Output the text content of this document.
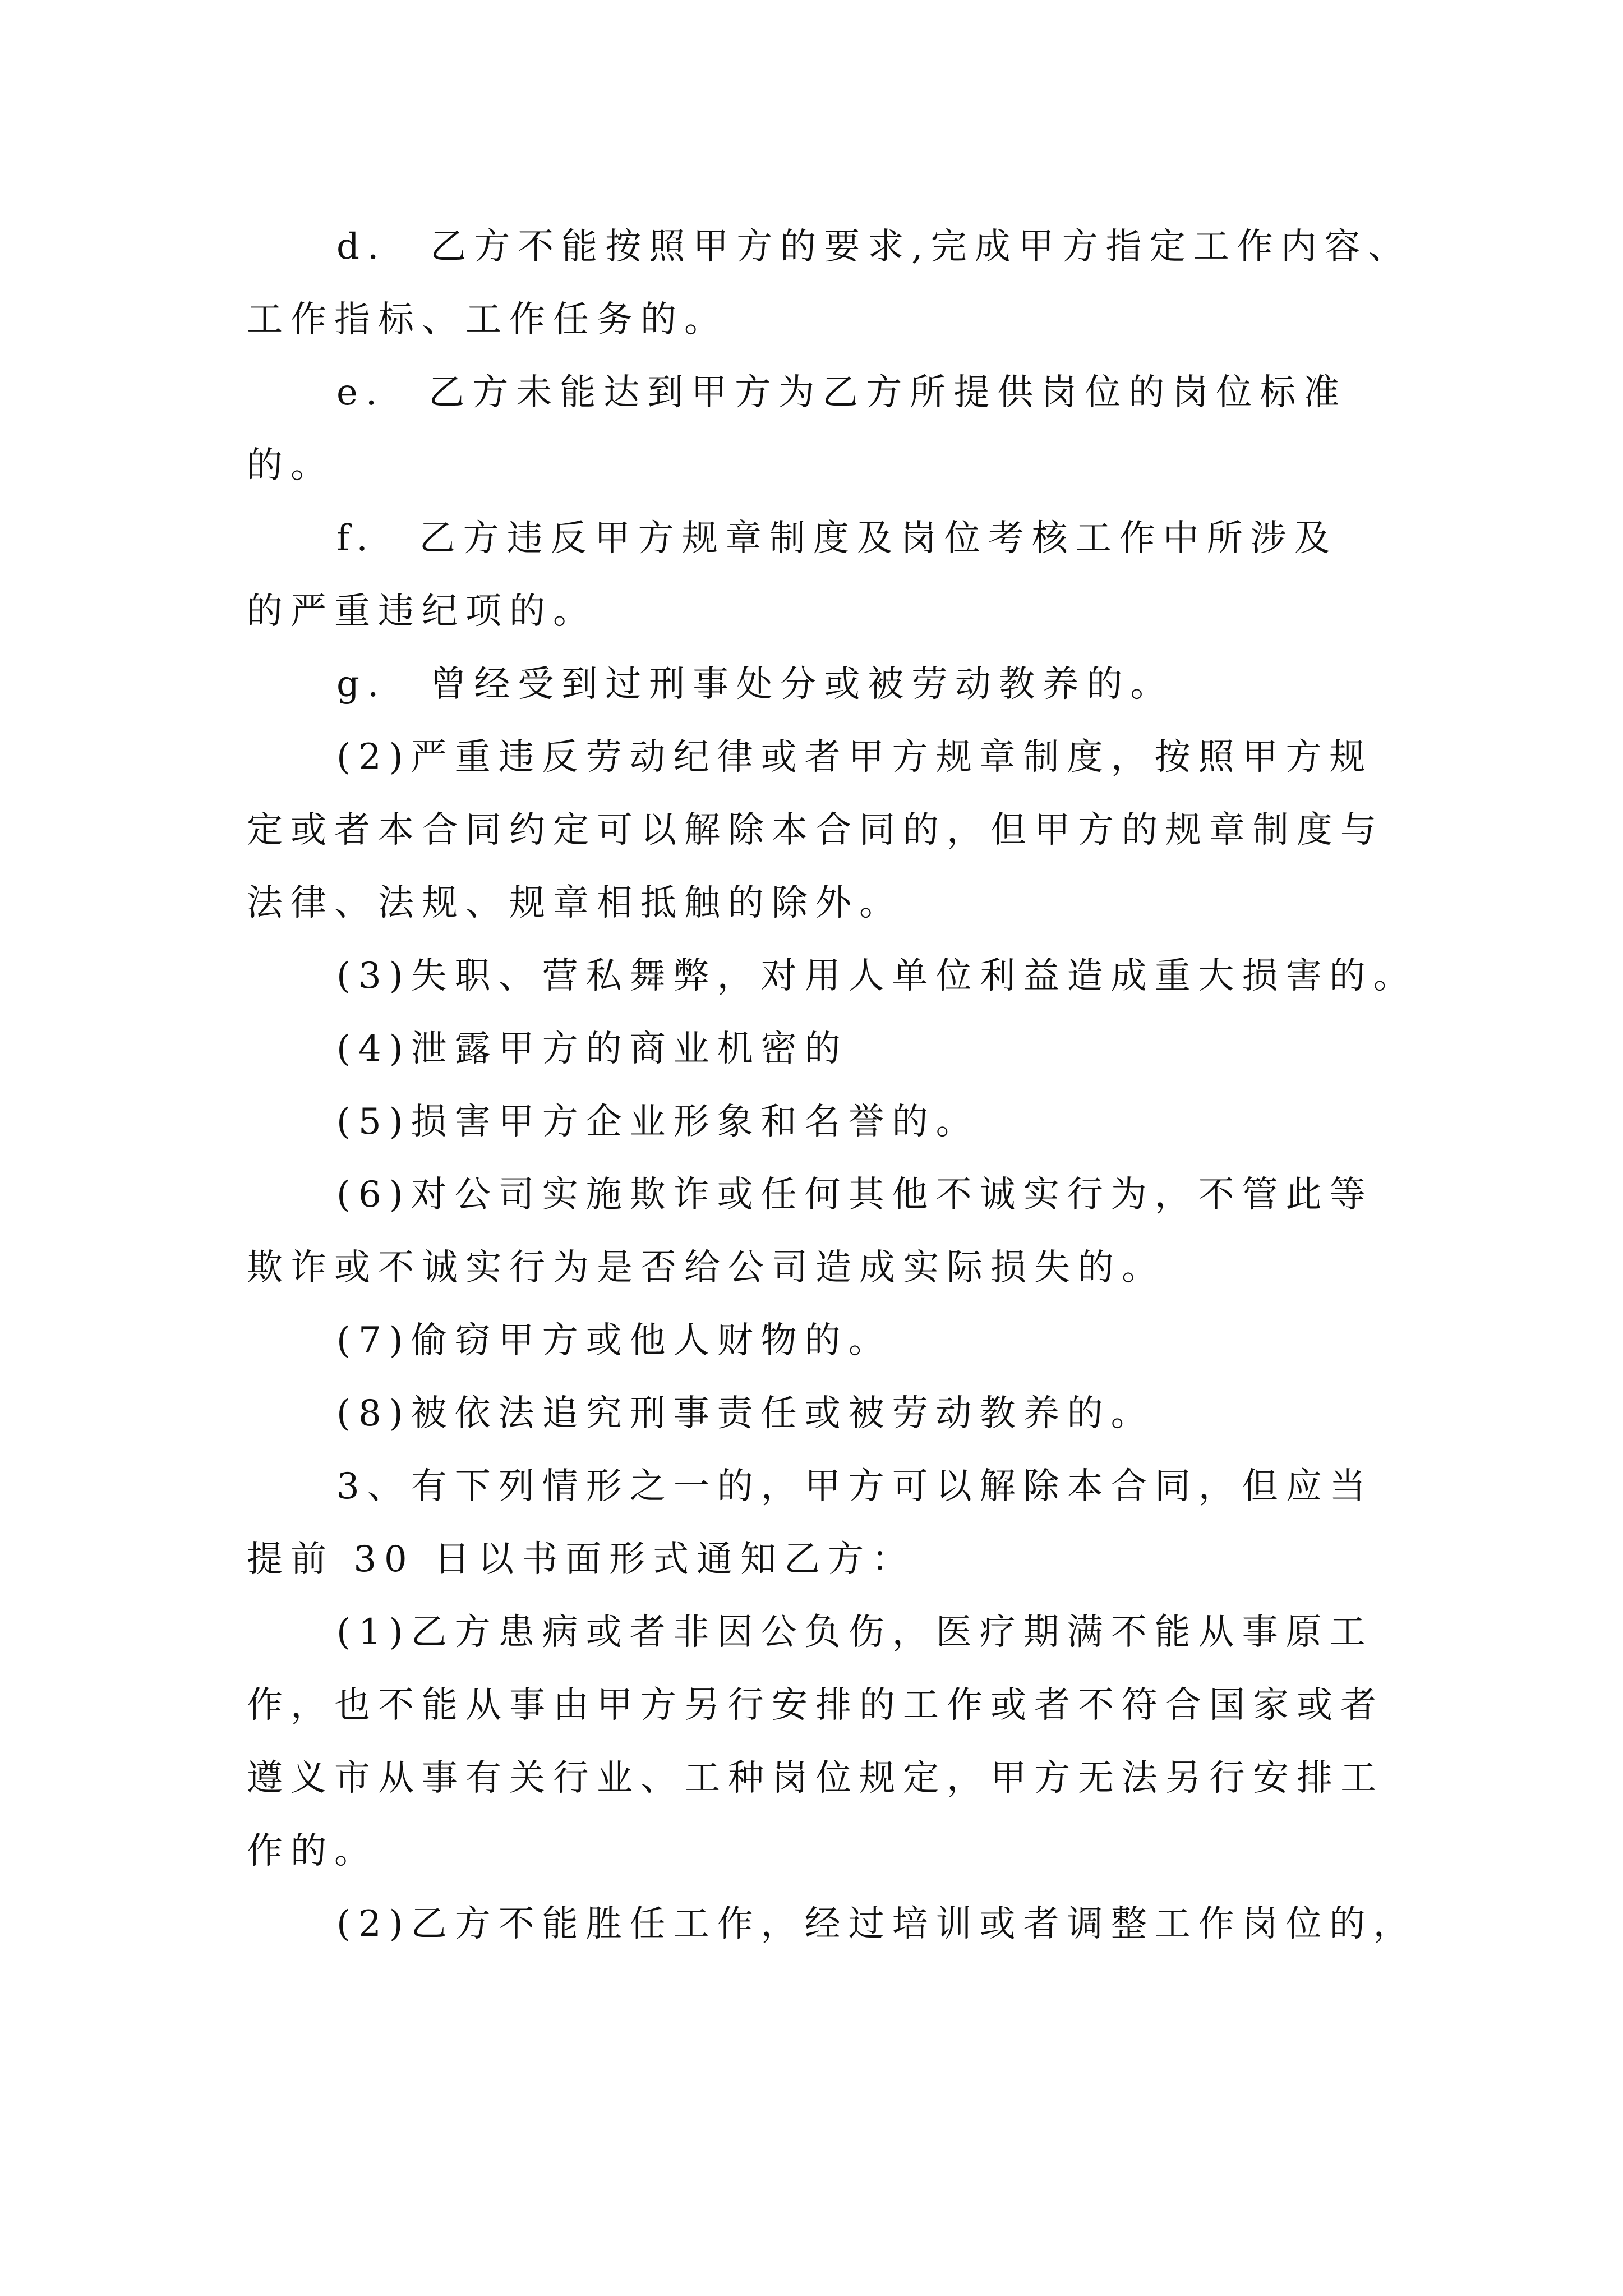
d.　乙方不能按照甲方的要求,完成甲方指定工作内容、
工作指标、工作任务的。
e.　乙方未能达到甲方为乙方所提供岗位的岗位标准
的。
f.　乙方违反甲方规章制度及岗位考核工作中所涉及
的严重违纪项的。
g.　曾经受到过刑事处分或被劳动教养的。
(2)严重违反劳动纪律或者甲方规章制度，按照甲方规
定或者本合同约定可以解除本合同的，但甲方的规章制度与
法律、法规、规章相抵触的除外。
(3)失职、营私舞弊，对用人单位利益造成重大损害的。
(4)泄露甲方的商业机密的
(5)损害甲方企业形象和名誉的。
(6)对公司实施欺诈或任何其他不诚实行为，不管此等
欺诈或不诚实行为是否给公司造成实际损失的。
(7)偷窃甲方或他人财物的。
(8)被依法追究刑事责任或被劳动教养的。
3、有下列情形之一的，甲方可以解除本合同，但应当
提前 30 日以书面形式通知乙方：
(1)乙方患病或者非因公负伤，医疗期满不能从事原工
作，也不能从事由甲方另行安排的工作或者不符合国家或者
遵义市从事有关行业、工种岗位规定，甲方无法另行安排工
作的。
(2)乙方不能胜任工作，经过培训或者调整工作岗位的，
